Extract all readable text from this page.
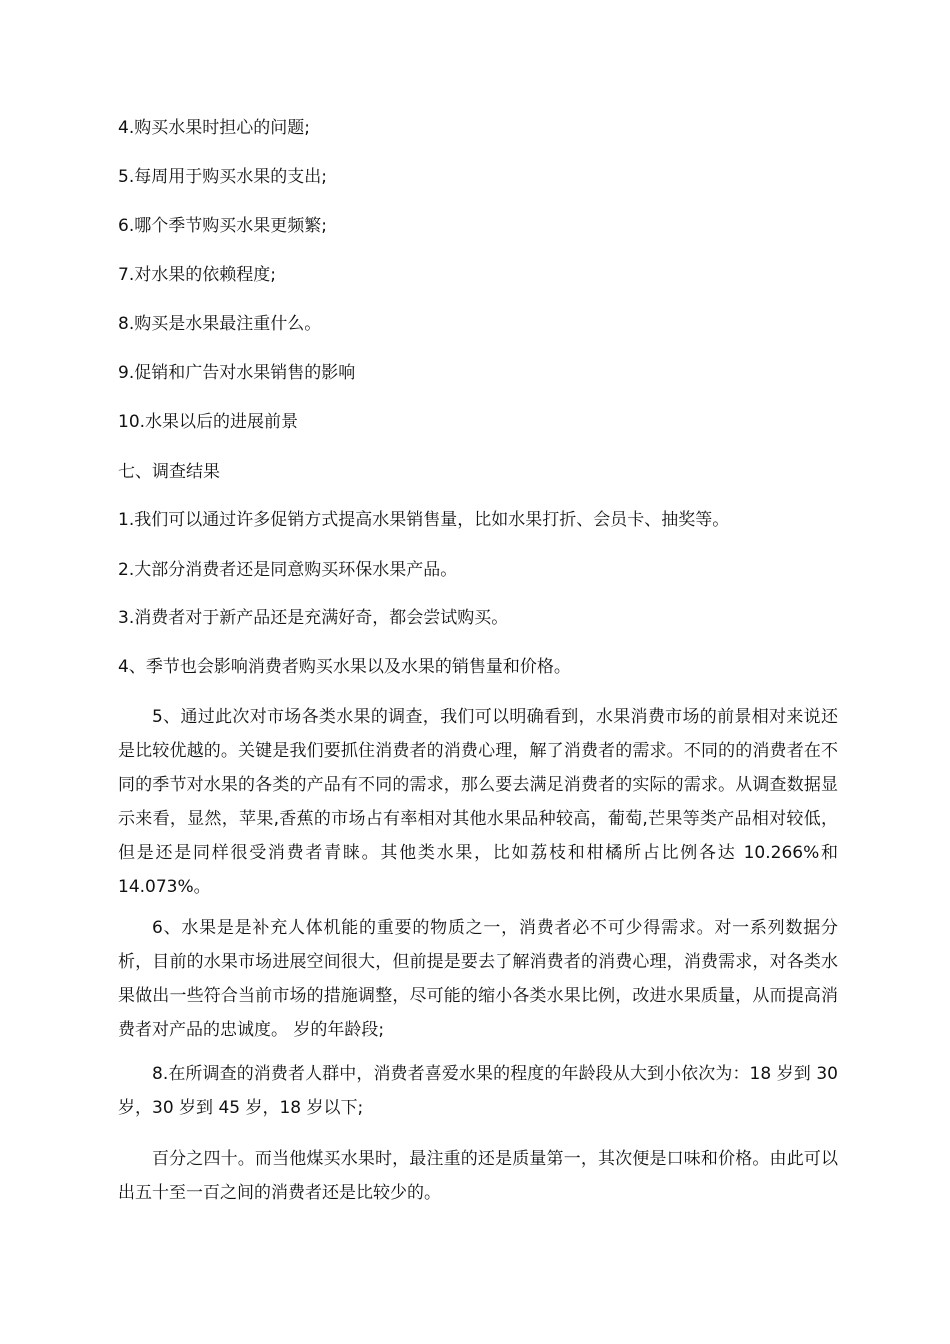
4.购买水果时担心的问题;
5.每周用于购买水果的支出;
6.哪个季节购买水果更频繁;
7.对水果的依赖程度;
8.购买是水果最注重什么。
9.促销和广告对水果销售的影响
10.水果以后的进展前景
七、调查结果
1.我们可以通过许多促销方式提高水果销售量，比如水果打折、会员卡、抽奖等。
2.大部分消费者还是同意购买环保水果产品。
3.消费者对于新产品还是充满好奇，都会尝试购买。
4、季节也会影响消费者购买水果以及水果的销售量和价格。
5、通过此次对市场各类水果的调查，我们可以明确看到，水果消费市场的前景相对来说还是比较优越的。关键是我们要抓住消费者的消费心理，解了消费者的需求。不同的的消费者在不同的季节对水果的各类的产品有不同的需求，那么要去满足消费者的实际的需求。从调查数据显示来看，显然，苹果,香蕉的市场占有率相对其他水果品种较高，葡萄,芒果等类产品相对较低，但是还是同样很受消费者青睐。其他类水果，比如荔枝和柑橘所占比例各达 10.266%和 14.073%。
6、水果是是补充人体机能的重要的物质之一，消费者必不可少得需求。对一系列数据分析，目前的水果市场进展空间很大，但前提是要去了解消费者的消费心理，消费需求，对各类水果做出一些符合当前市场的措施调整，尽可能的缩小各类水果比例，改进水果质量，从而提高消费者对产品的忠诚度。 岁的年龄段;
8.在所调查的消费者人群中，消费者喜爱水果的程度的年龄段从大到小依次为：18 岁到 30 岁，30 岁到 45 岁，18 岁以下;
百分之四十。而当他煤买水果时，最注重的还是质量第一，其次便是口味和价格。由此可以出五十至一百之间的消费者还是比较少的。
